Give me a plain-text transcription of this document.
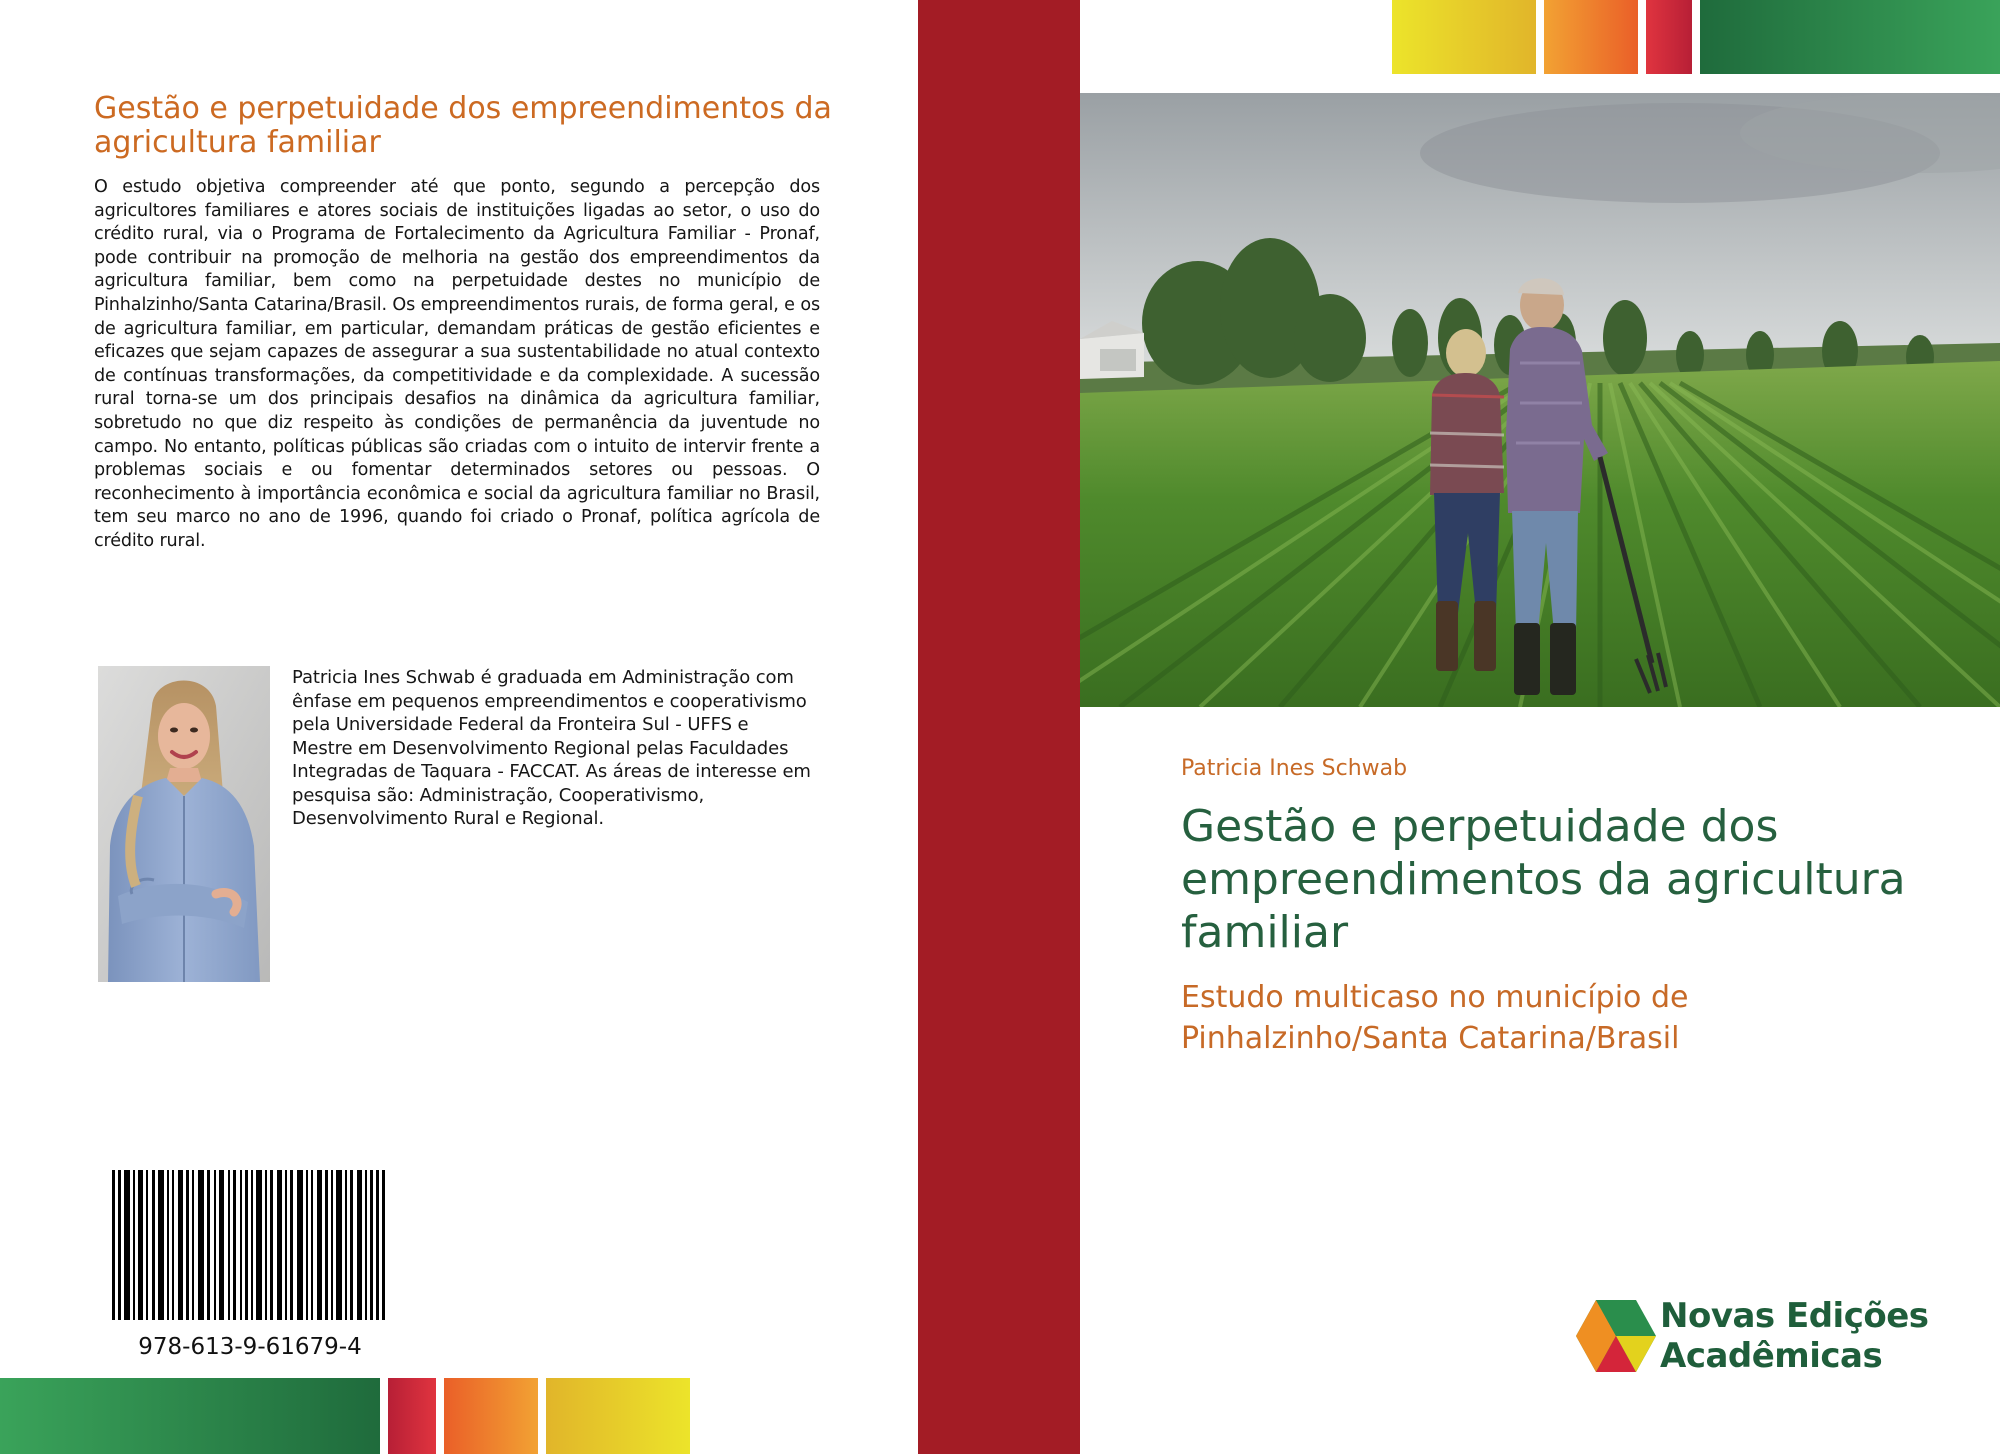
Gestão e perpetuidade dos empreendimentos da agricultura familiar

O estudo objetiva compreender até que ponto, segundo a percepção dos agricultores familiares e atores sociais de instituições ligadas ao setor, o uso do crédito rural, via o Programa de Fortalecimento da Agricultura Familiar - Pronaf, pode contribuir na promoção de melhoria na gestão dos empreendimentos da agricultura familiar, bem como na perpetuidade destes no município de Pinhalzinho/Santa Catarina/Brasil. Os empreendimentos rurais, de forma geral, e os de agricultura familiar, em particular, demandam práticas de gestão eficientes e eficazes que sejam capazes de assegurar a sua sustentabilidade no atual contexto de contínuas transformações, da competitividade e da complexidade. A sucessão rural torna-se um dos principais desafios na dinâmica da agricultura familiar, sobretudo no que diz respeito às condições de permanência da juventude no campo. No entanto, políticas públicas são criadas com o intuito de intervir frente a problemas sociais e ou fomentar determinados setores ou pessoas. O reconhecimento à importância econômica e social da agricultura familiar no Brasil, tem seu marco no ano de 1996, quando foi criado o Pronaf, política agrícola de crédito rural.

Patricia Ines Schwab é graduada em Administração com ênfase em pequenos empreendimentos e cooperativismo pela Universidade Federal da Fronteira Sul - UFFS e Mestre em Desenvolvimento Regional pelas Faculdades Integradas de Taquara - FACCAT. As áreas de interesse em pesquisa são: Administração, Cooperativismo, Desenvolvimento Rural e Regional.

978-613-9-61679-4
Patricia Ines Schwab
Gestão e perpetuidade dos empreendimentos da agricultura familiar
Estudo multicaso no município de Pinhalzinho/Santa Catarina/Brasil
Novas Edições
Acadêmicas
